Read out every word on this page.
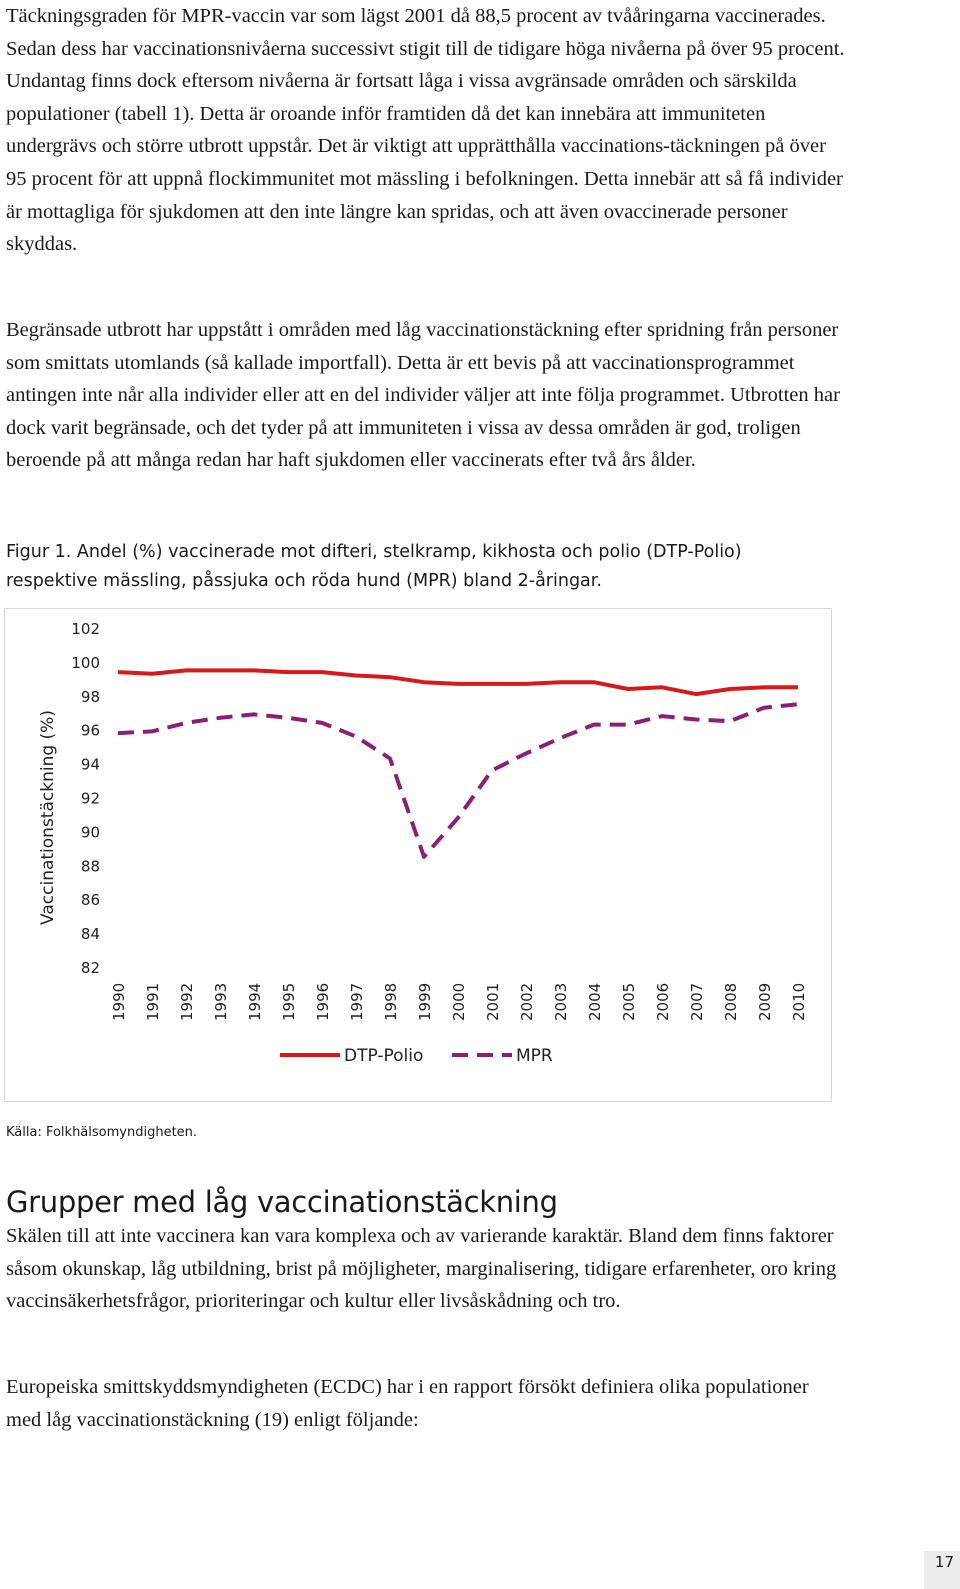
Täckningsgraden för MPR-vaccin var som lägst 2001 då 88,5 procent av tvååringarna vaccinerades. Sedan dess har vaccinationsnivåerna successivt stigit till de tidigare höga nivåerna på över 95 procent. Undantag finns dock eftersom nivåerna är fortsatt låga i vissa avgränsade områden och särskilda populationer (tabell 1). Detta är oroande inför framtiden då det kan innebära att immuniteten undergrävs och större utbrott uppstår. Det är viktigt att upprätthålla vaccinations-täckningen på över 95 procent för att uppnå flockimmunitet mot mässling i befolkningen. Detta innebär att så få individer är mottagliga för sjukdomen att den inte längre kan spridas, och att även ovaccinerade personer skyddas.

Begränsade utbrott har uppstått i områden med låg vaccinationstäckning efter spridning från personer som smittats utomlands (så kallade importfall). Detta är ett bevis på att vaccinationsprogrammet antingen inte når alla individer eller att en del individer väljer att inte följa programmet. Utbrotten har dock varit begränsade, och det tyder på att immuniteten i vissa av dessa områden är god, troligen beroende på att många redan har haft sjukdomen eller vaccinerats efter två års ålder.

Figur 1. Andel (%) vaccinerade mot difteri, stelkramp, kikhosta och polio (DTP-Polio) respektive mässling, påssjuka och röda hund (MPR) bland 2-åringar.
102
100
98
96
94
92
90
88
86
84
82
Vaccinationstäckning (%)
1990 1991 1992 1993 1994 1995 1996 1997 1998 1999 2000 2001 2002 2003 2004 2005 2006 2007 2008 2009 2010
DTP-Polio	MPR
Källa: Folkhälsomyndigheten.
Grupper med låg vaccinationstäckning

Skälen till att inte vaccinera kan vara komplexa och av varierande karaktär. Bland dem finns faktorer såsom okunskap, låg utbildning, brist på möjligheter, marginalisering, tidigare erfarenheter, oro kring vaccinsäkerhetsfrågor, prioriteringar och kultur eller livsåskådning och tro.

Europeiska smittskyddsmyndigheten (ECDC) har i en rapport försökt definiera olika populationer med låg vaccinationstäckning (19) enligt följande:

17
